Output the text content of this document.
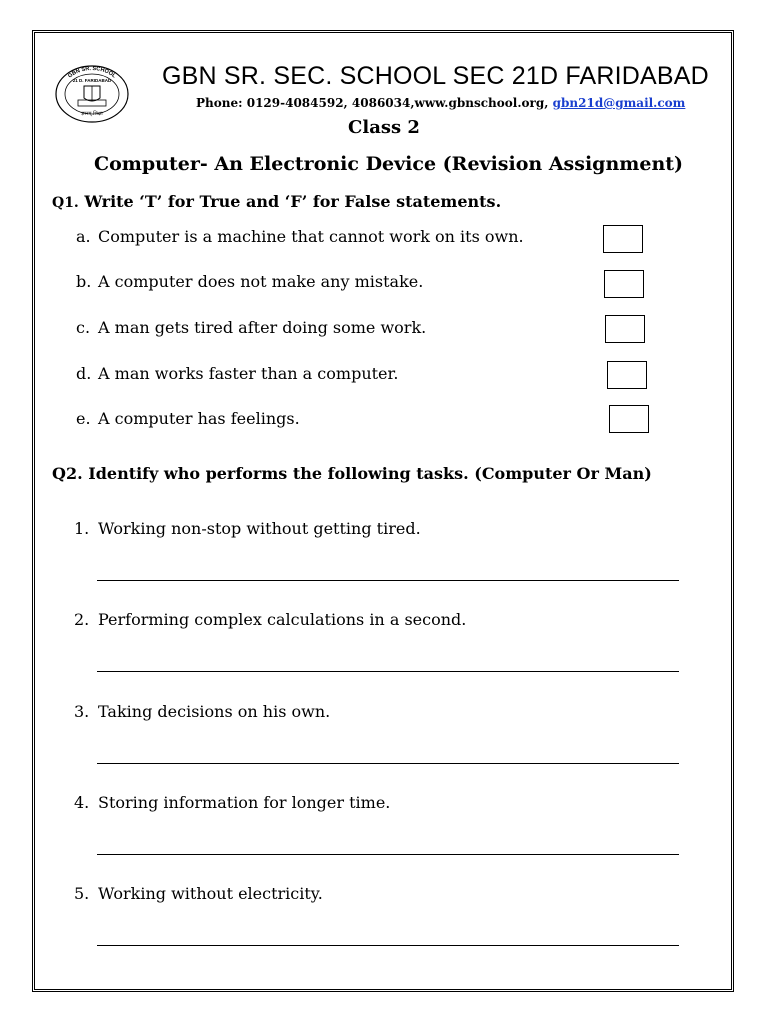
GBN SR. SCHOOL
21 D. FARIDABAD
ज्ञानम् शिक्षा
GBN SR. SEC. SCHOOL SEC 21D FARIDABAD
Phone: 0129-4084592, 4086034,www.gbnschool.org, gbn21d@gmail.com
Class 2
Computer- An Electronic Device (Revision Assignment)
Q1. Write ‘T’ for True and ‘F’ for False statements.
a. Computer is a machine that cannot work on its own.
b. A computer does not make any mistake.
c. A man gets tired after doing some work.
d. A man works faster than a computer.
e. A computer has feelings.
Q2. Identify who performs the following tasks. (Computer Or Man)
1. Working non-stop without getting tired.
2. Performing complex calculations in a second.
3. Taking decisions on his own.
4. Storing information for longer time.
5. Working without electricity.
